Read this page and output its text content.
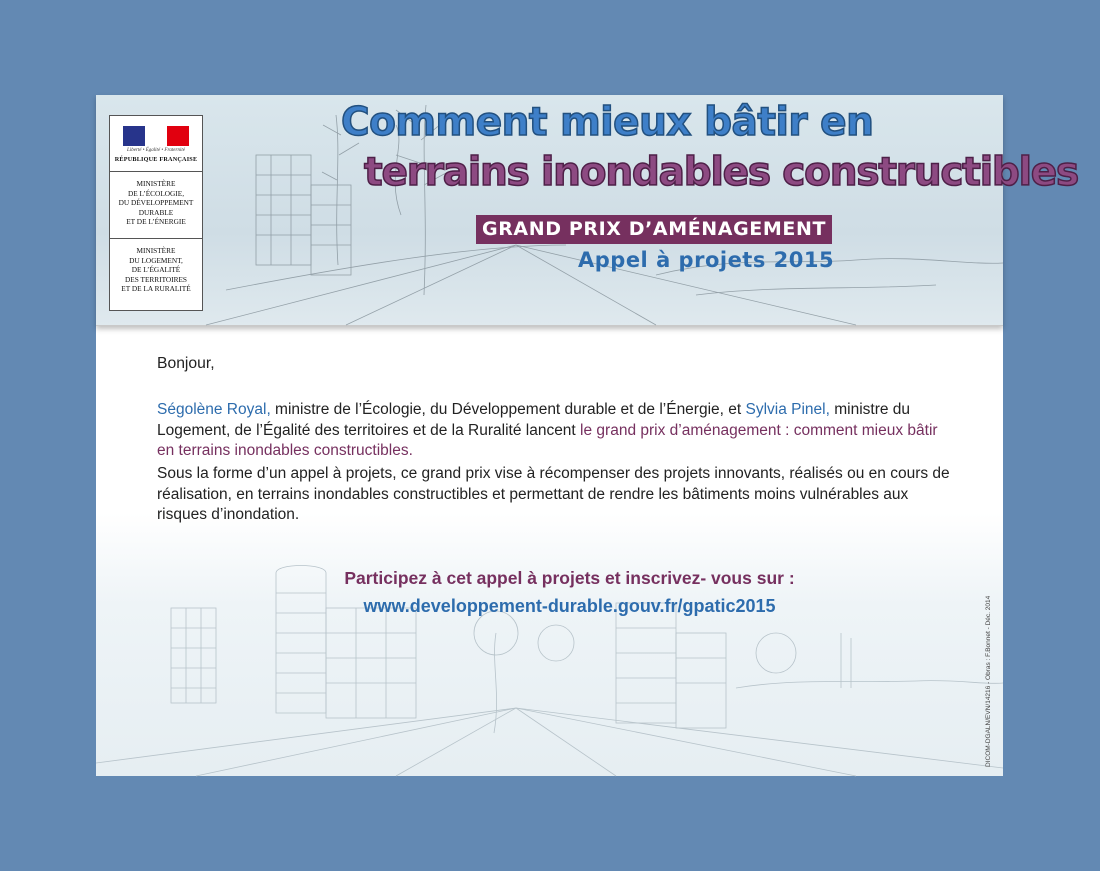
Liberté • Égalité • Fraternité
RÉPUBLIQUE FRANÇAISE
MINISTÈRE
DE L’ÉCOLOGIE,
DU DÉVELOPPEMENT
DURABLE
ET DE L’ÉNERGIE
MINISTÈRE
DU LOGEMENT,
DE L’ÉGALITÉ
DES TERRITOIRES
ET DE LA RURALITÉ
Comment mieux bâtir en
terrains inondables constructibles
GRAND PRIX D’AMÉNAGEMENT
Appel à projets 2015
Bonjour,
Ségolène Royal, ministre de l’Écologie, du Développement durable et de l’Énergie, et Sylvia Pinel, ministre du Logement, de l’Égalité des territoires et de la Ruralité lancent le grand prix d’aménagement : comment mieux bâtir en terrains inondables constructibles.
Sous la forme d’un appel à projets, ce grand prix vise à récompenser des projets innovants, réalisés ou en cours de réalisation, en terrains inondables constructibles et permettant de rendre les bâtiments moins vulnérables aux risques d’inondation.
Participez à cet appel à projets et inscrivez- vous sur :
www.developpement-durable.gouv.fr/gpatic2015	DICOM-DGALN/EVN/14216 - Obras : F.Bonnet - Déc. 2014
